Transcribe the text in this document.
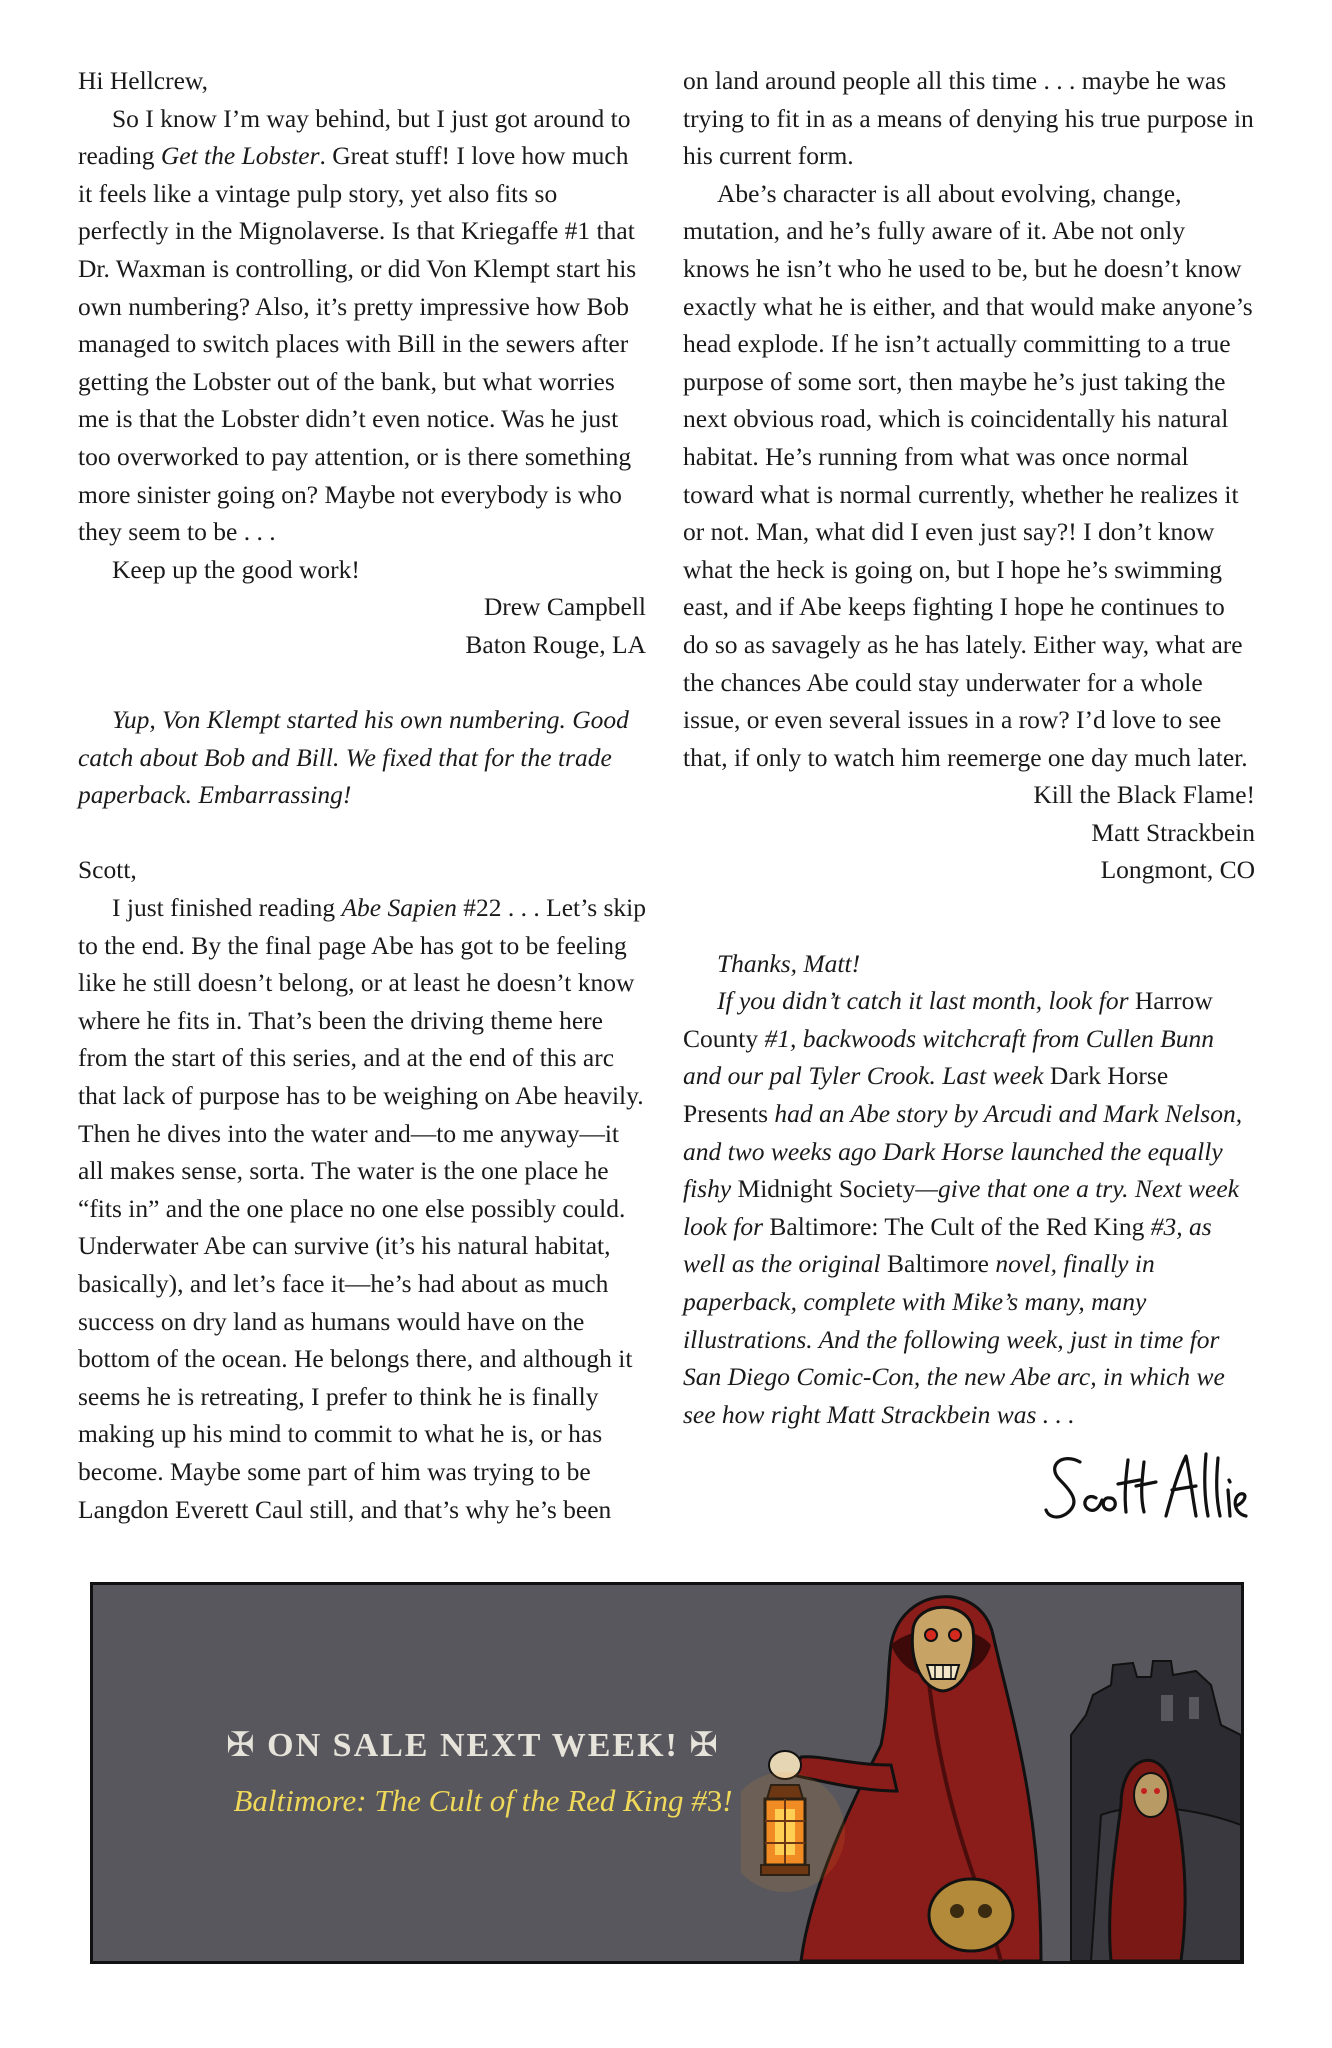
Hi Hellcrew,

So I know I’m way behind, but I just got around to reading Get the Lobster. Great stuff! I love how much it feels like a vintage pulp story, yet also fits so perfectly in the Mignolaverse. Is that Kriegaffe #1 that Dr. Waxman is controlling, or did Von Klempt start his own numbering? Also, it’s pretty impressive how Bob managed to switch places with Bill in the sewers after getting the Lobster out of the bank, but what worries me is that the Lobster didn’t even notice. Was he just too overworked to pay attention, or is there something more sinister going on? Maybe not everybody is who they seem to be . . .

Keep up the good work!

Drew Campbell

Baton Rouge, LA

Yup, Von Klempt started his own numbering. Good catch about Bob and Bill. We fixed that for the trade paperback. Embarrassing!

Scott,

I just finished reading Abe Sapien #22 . . . Let’s skip to the end. By the final page Abe has got to be feeling like he still doesn’t belong, or at least he doesn’t know where he fits in. That’s been the driving theme here from the start of this series, and at the end of this arc that lack of purpose has to be weighing on Abe heavily. Then he dives into the water and—to me anyway—it all makes sense, sorta. The water is the one place he “fits in” and the one place no one else possibly could. Underwater Abe can survive (it’s his natural habitat, basically), and let’s face it—he’s had about as much success on dry land as humans would have on the bottom of the ocean. He belongs there, and although it seems he is retreating, I prefer to think he is finally making up his mind to commit to what he is, or has become. Maybe some part of him was trying to be Langdon Everett Caul still, and that’s why he’s been

on land around people all this time . . . maybe he was trying to fit in as a means of denying his true purpose in his current form.

Abe’s character is all about evolving, change, mutation, and he’s fully aware of it. Abe not only knows he isn’t who he used to be, but he doesn’t know exactly what he is either, and that would make anyone’s head explode. If he isn’t actually committing to a true purpose of some sort, then maybe he’s just taking the next obvious road, which is coincidentally his natural habitat. He’s running from what was once normal toward what is normal currently, whether he realizes it or not. Man, what did I even just say?! I don’t know what the heck is going on, but I hope he’s swimming east, and if Abe keeps fighting I hope he continues to do so as savagely as he has lately. Either way, what are the chances Abe could stay underwater for a whole issue, or even several issues in a row? I’d love to see that, if only to watch him reemerge one day much later.

Kill the Black Flame!

Matt Strackbein

Longmont, CO

Thanks, Matt!

If you didn’t catch it last month, look for Harrow County #1, backwoods witchcraft from Cullen Bunn and our pal Tyler Crook. Last week Dark Horse Presents had an Abe story by Arcudi and Mark Nelson, and two weeks ago Dark Horse launched the equally fishy Midnight Society—give that one a try. Next week look for Baltimore: The Cult of the Red King #3, as well as the original Baltimore novel, finally in paperback, complete with Mike’s many, many illustrations. And the following week, just in time for San Diego Comic-Con, the new Abe arc, in which we see how right Matt Strackbein was . . .

✠ ON SALE NEXT WEEK! ✠
Baltimore: The Cult of the Red King #3!
